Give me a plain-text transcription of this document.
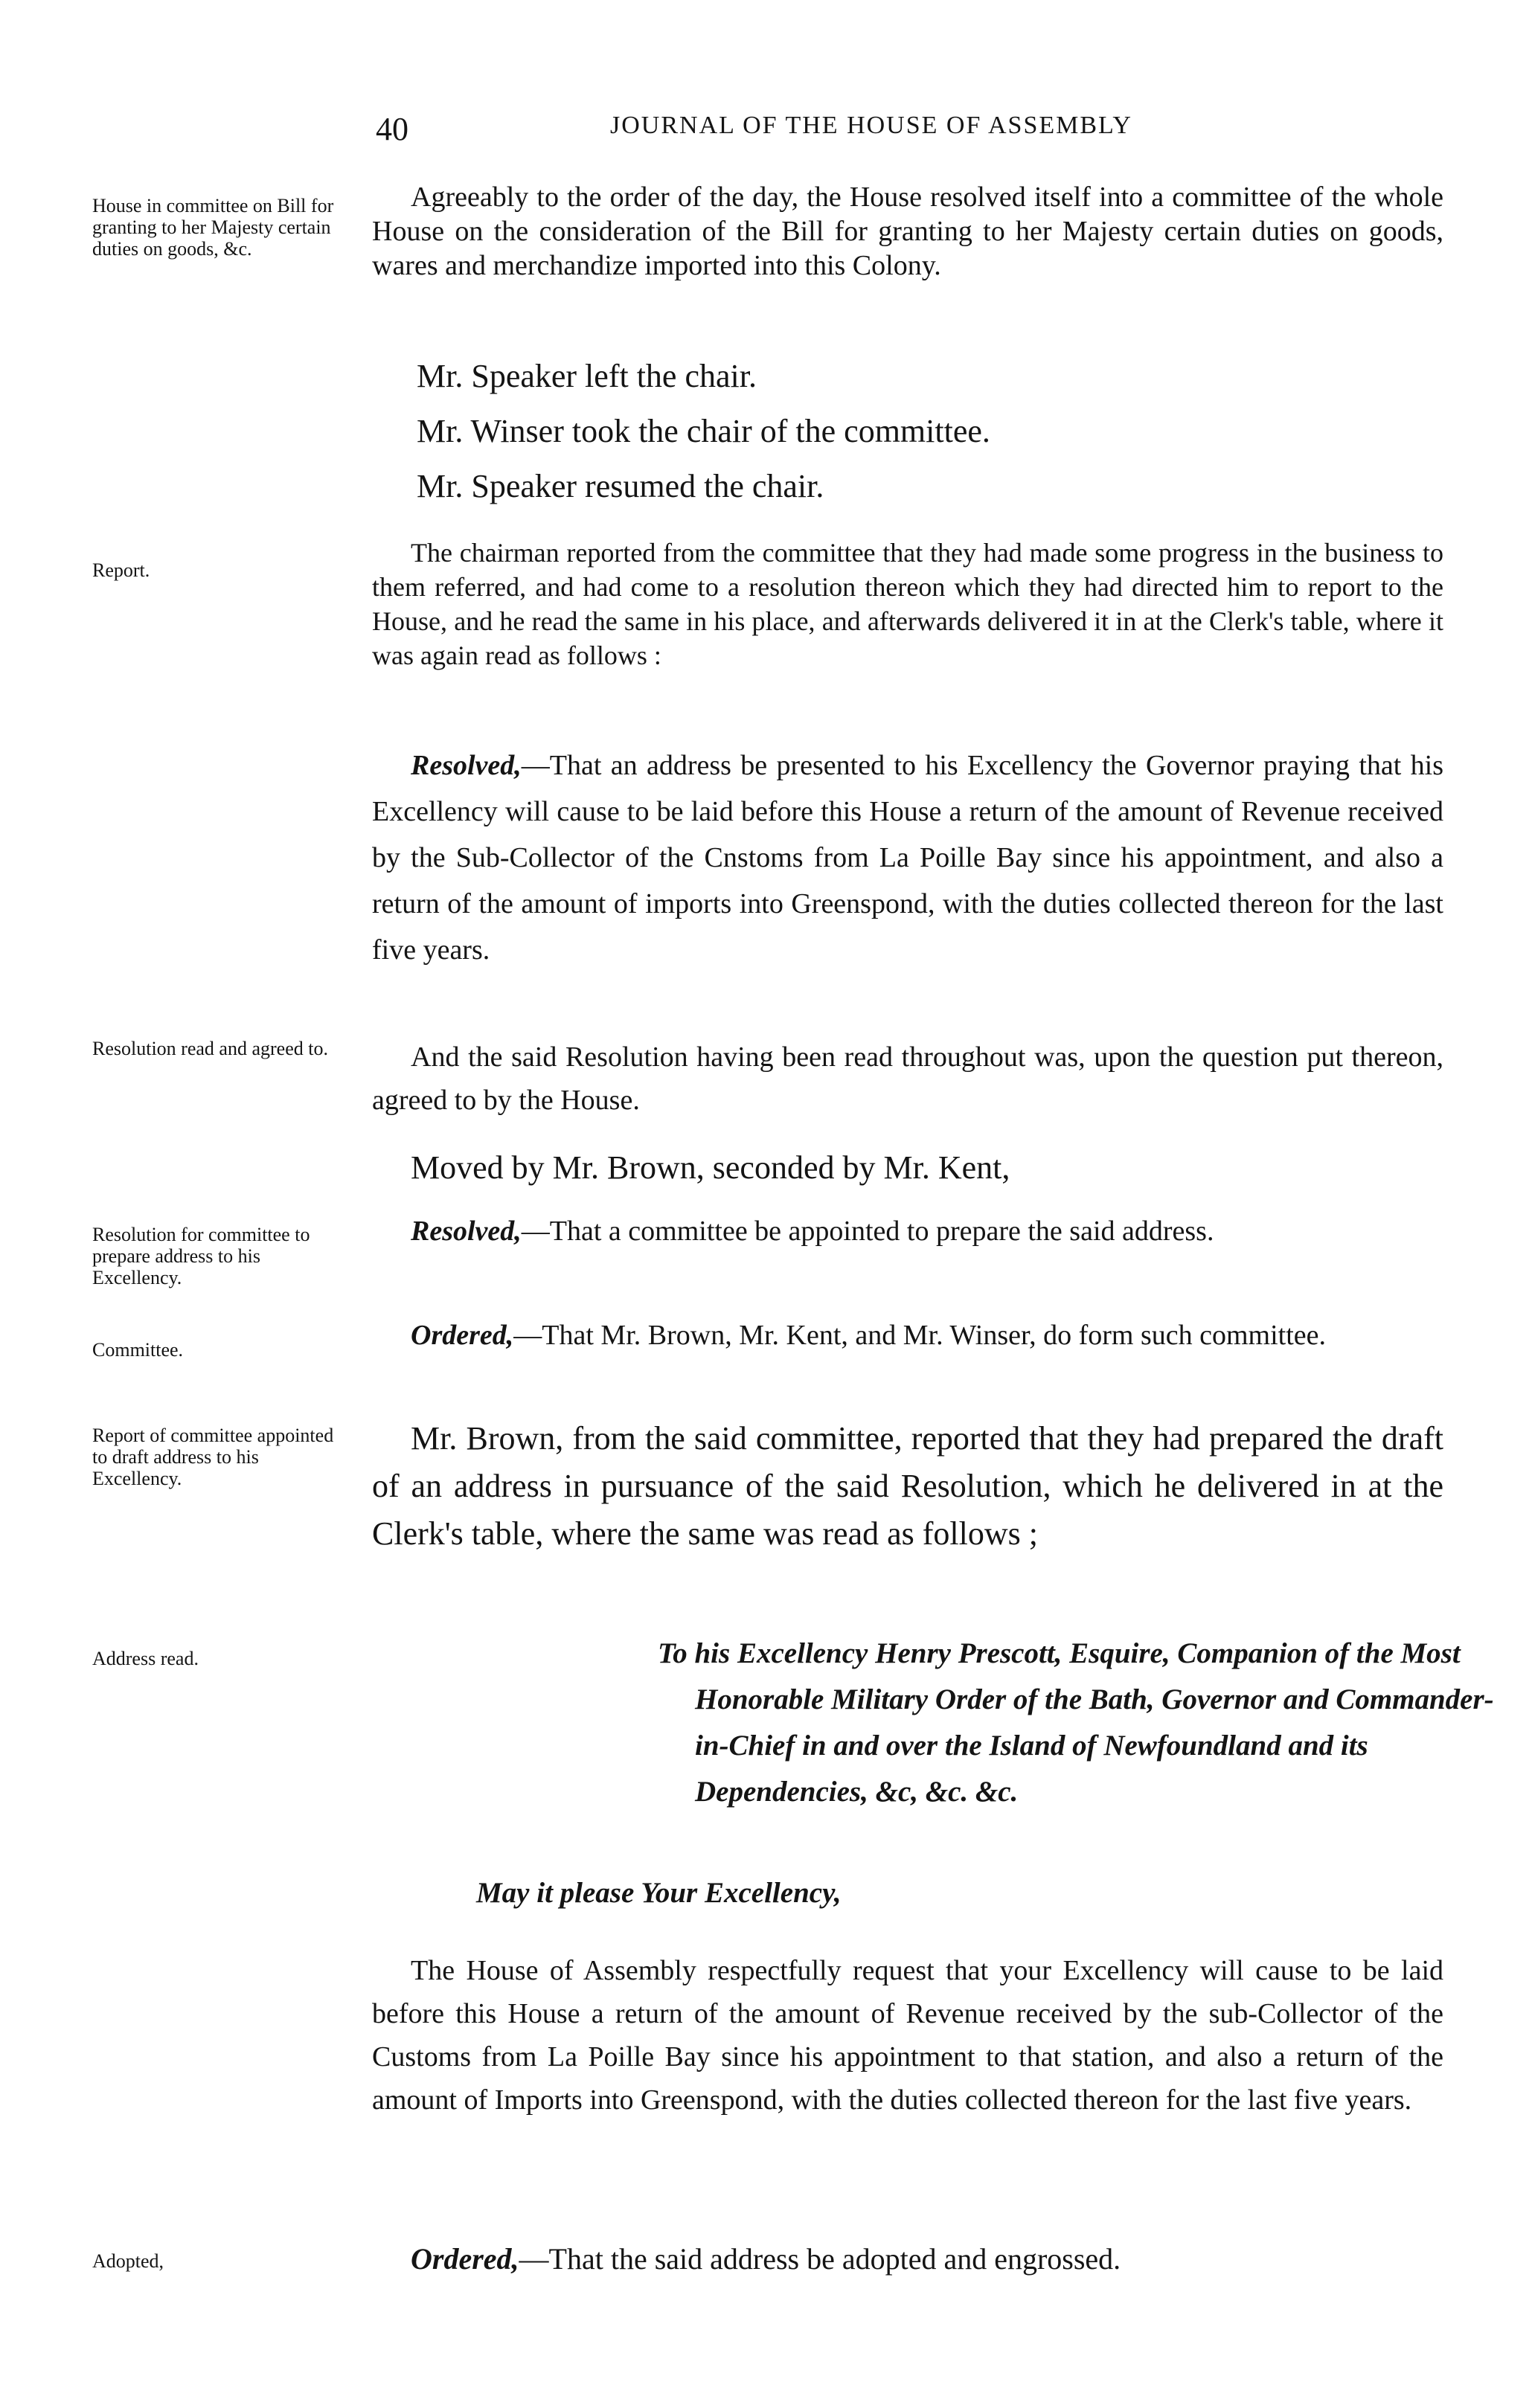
40	JOURNAL OF THE HOUSE OF ASSEMBLY
House in committee on Bill for granting to her Majesty certain duties on goods, &c.
Report.
Resolution read and agreed to.
Resolution for committee to prepare address to his Excellency.
Committee.
Report of committee appointed to draft address to his Excellency.
Address read.
Adopted,
Agreeably to the order of the day, the House resolved itself into a committee of the whole House on the consideration of the Bill for granting to her Majesty certain duties on goods, wares and merchandize imported into this Colony.
Mr. Speaker left the chair.
Mr. Winser took the chair of the committee.
Mr. Speaker resumed the chair.
The chairman reported from the committee that they had made some progress in the business to them referred, and had come to a resolution thereon which they had directed him to report to the House, and he read the same in his place, and afterwards delivered it in at the Clerk's table, where it was again read as follows :
Resolved,—That an address be presented to his Excellency the Governor praying that his Excellency will cause to be laid before this House a return of the amount of Revenue received by the Sub-Collector of the Cnstoms from La Poille Bay since his appointment, and also a return of the amount of imports into Greenspond, with the duties collected thereon for the last five years.
And the said Resolution having been read throughout was, upon the question put thereon, agreed to by the House.
Moved by Mr. Brown, seconded by Mr. Kent,
Resolved,—That a committee be appointed to prepare the said address.
Ordered,—That Mr. Brown, Mr. Kent, and Mr. Winser, do form such committee.
Mr. Brown, from the said committee, reported that they had prepared the draft of an address in pursuance of the said Resolution, which he delivered in at the Clerk's table, where the same was read as follows ;
To his Excellency Henry Prescott, Esquire, Companion of the Most Honorable Military Order of the Bath, Governor and Commander-in-Chief in and over the Island of Newfoundland and its Dependencies, &c, &c. &c.
May it please Your Excellency,
The House of Assembly respectfully request that your Excellency will cause to be laid before this House a return of the amount of Revenue received by the sub-Collector of the Customs from La Poille Bay since his appointment to that station, and also a return of the amount of Imports into Greenspond, with the duties collected thereon for the last five years.
Ordered,—That the said address be adopted and engrossed.
